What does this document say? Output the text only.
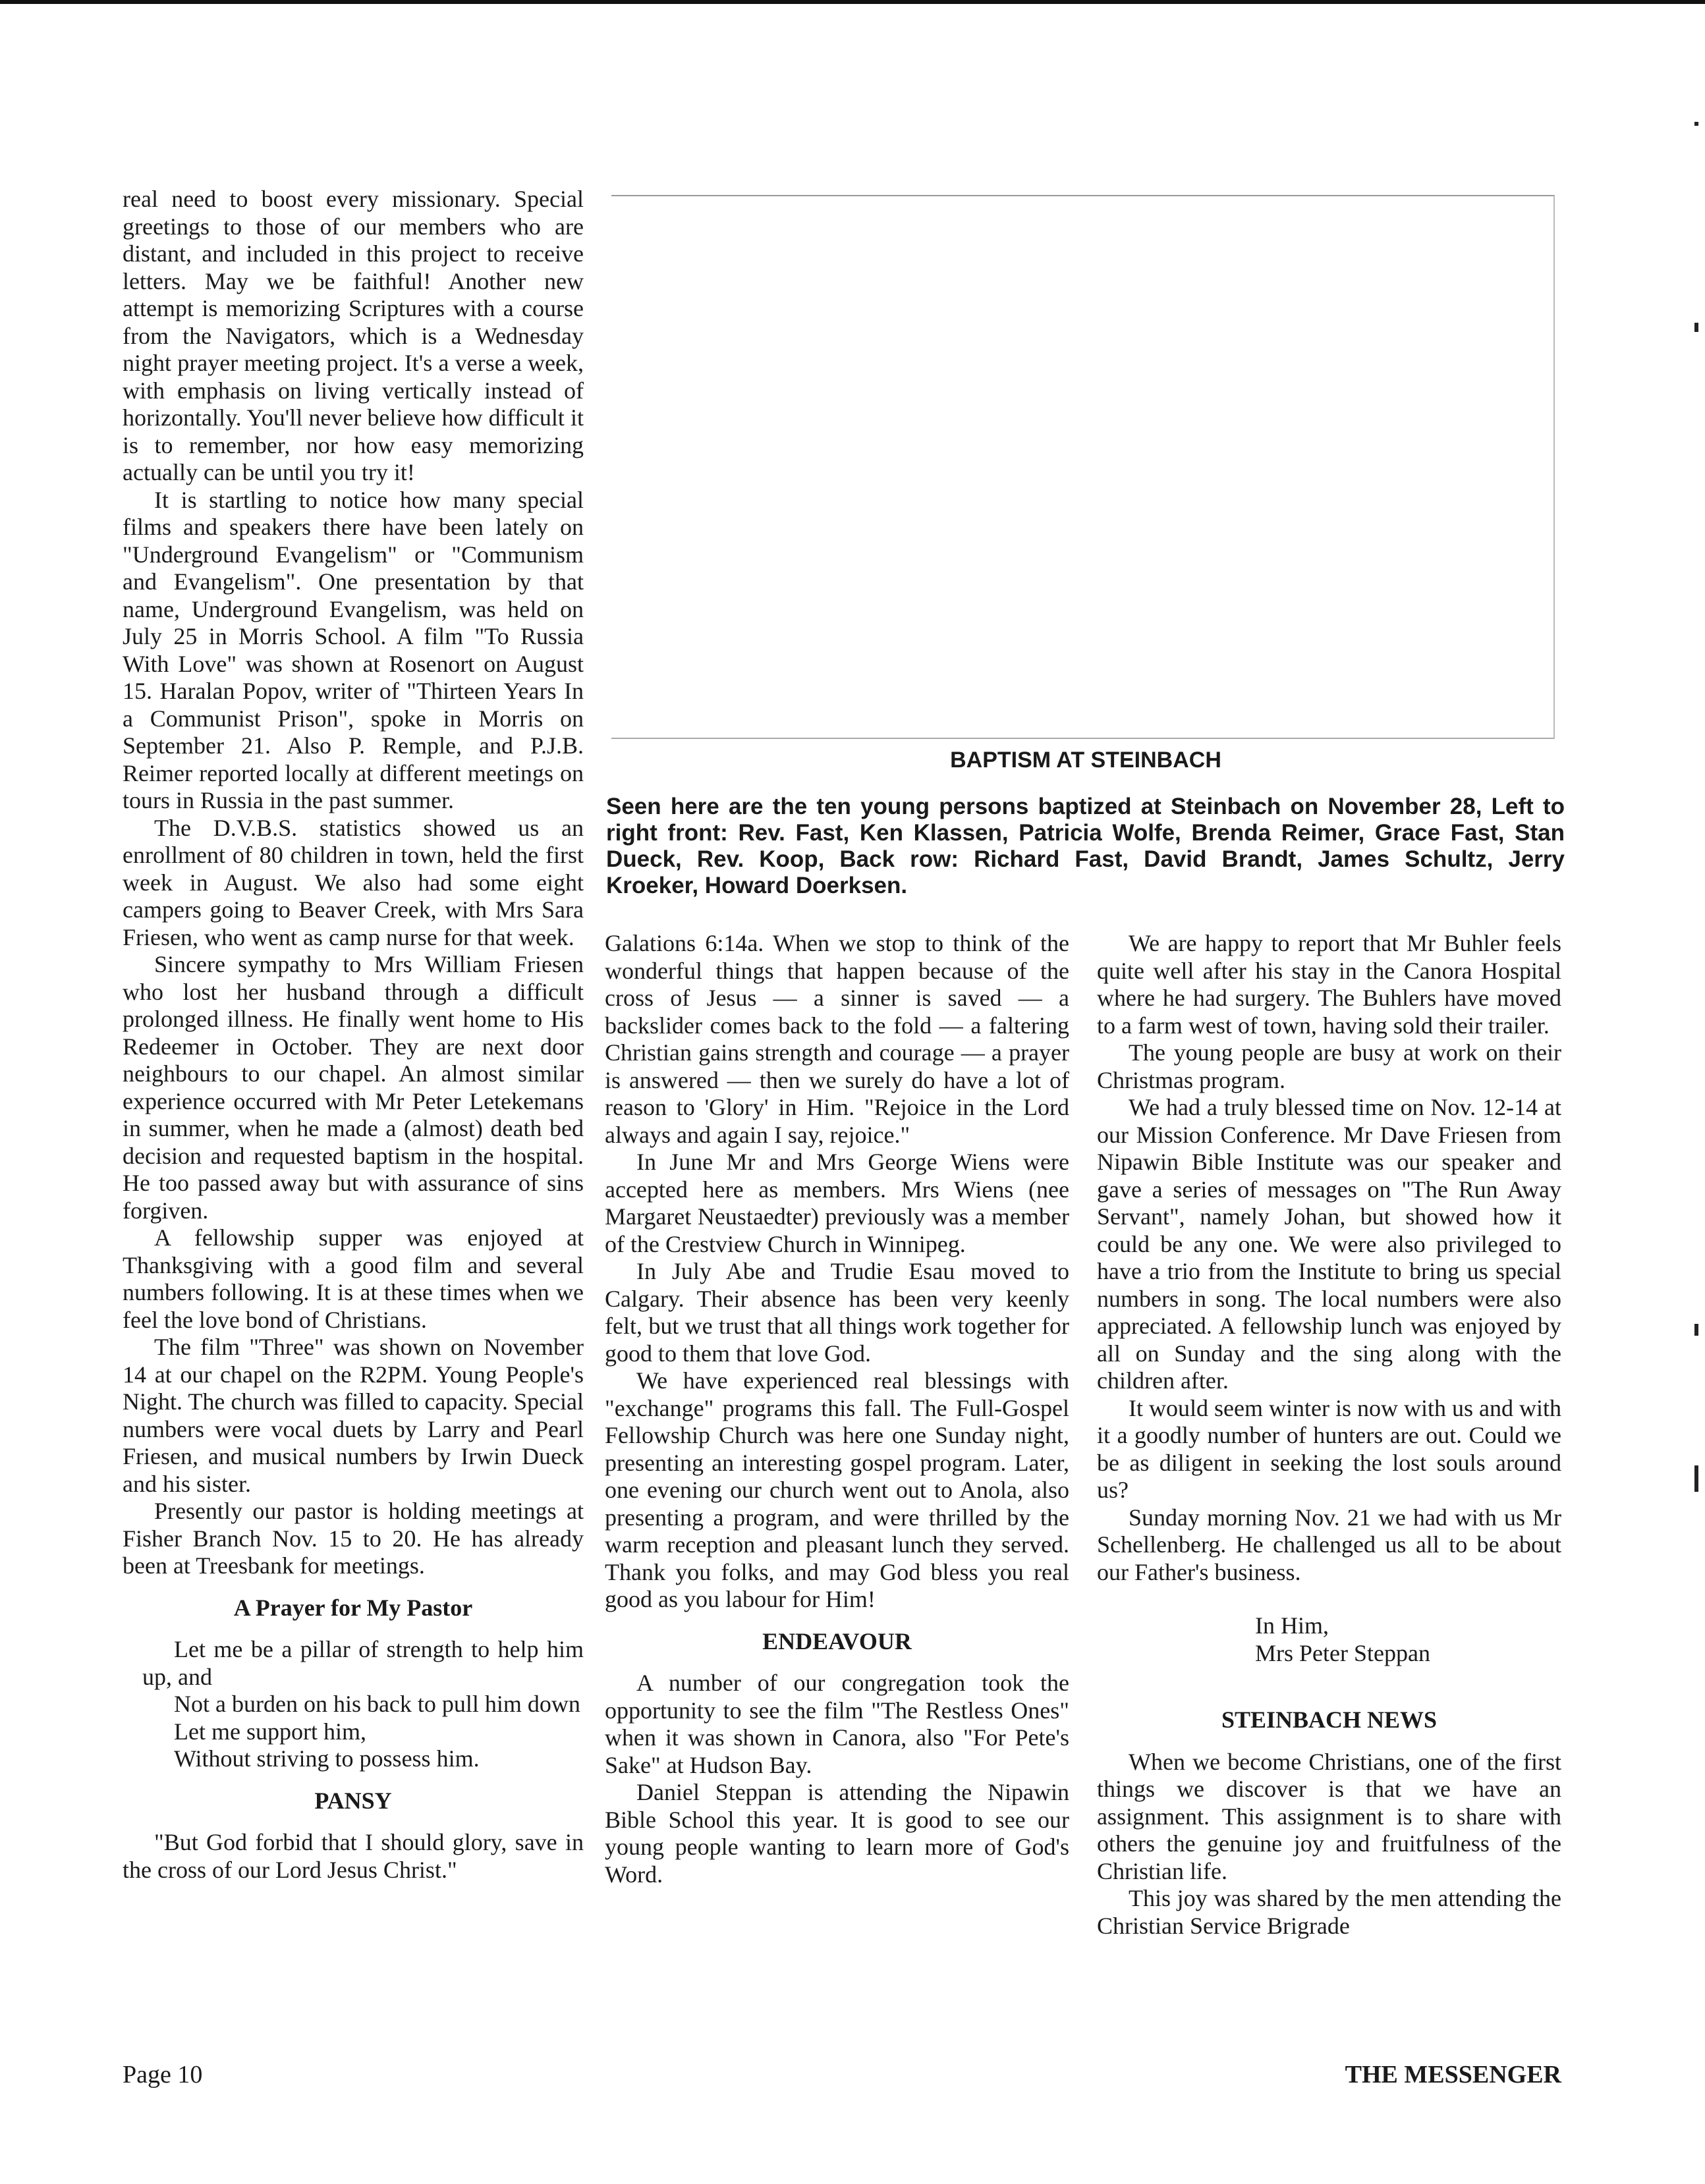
real need to boost every missionary. Special greetings to those of our members who are distant, and included in this project to receive letters. May we be faithful! Another new attempt is memorizing Scriptures with a course from the Navigators, which is a Wednesday night prayer meeting project. It's a verse a week, with emphasis on living vertically instead of horizontally. You'll never believe how difficult it is to remember, nor how easy memorizing actually can be until you try it!

It is startling to notice how many special films and speakers there have been lately on "Underground Evangelism" or "Communism and Evangelism". One presentation by that name, Underground Evangelism, was held on July 25 in Morris School. A film "To Russia With Love" was shown at Rosenort on August 15. Haralan Popov, writer of "Thirteen Years In a Communist Prison", spoke in Morris on September 21. Also P. Remple, and P.J.B. Reimer reported locally at different meetings on tours in Russia in the past summer.

The D.V.B.S. statistics showed us an enrollment of 80 children in town, held the first week in August. We also had some eight campers going to Beaver Creek, with Mrs Sara Friesen, who went as camp nurse for that week.

Sincere sympathy to Mrs William Friesen who lost her husband through a difficult prolonged illness. He finally went home to His Redeemer in October. They are next door neighbours to our chapel. An almost similar experience occurred with Mr Peter Letekemans in summer, when he made a (almost) death bed decision and requested baptism in the hospital. He too passed away but with assurance of sins forgiven.

A fellowship supper was enjoyed at Thanksgiving with a good film and several numbers following. It is at these times when we feel the love bond of Christians.

The film "Three" was shown on November 14 at our chapel on the R2PM. Young People's Night. The church was filled to capacity. Special numbers were vocal duets by Larry and Pearl Friesen, and musical numbers by Irwin Dueck and his sister.

Presently our pastor is holding meetings at Fisher Branch Nov. 15 to 20. He has already been at Treesbank for meetings.

A Prayer for My Pastor

Let me be a pillar of strength to help him up, and

Not a burden on his back to pull him down

Let me support him,

Without striving to possess him.

PANSY

"But God forbid that I should glory, save in the cross of our Lord Jesus Christ."

BAPTISM AT STEINBACH
Seen here are the ten young persons baptized at Steinbach on November 28, Left to right front: Rev. Fast, Ken Klassen, Patricia Wolfe, Brenda Reimer, Grace Fast, Stan Dueck, Rev. Koop, Back row: Richard Fast, David Brandt, James Schultz, Jerry Kroeker, Howard Doerksen.

Galations 6:14a. When we stop to think of the wonderful things that happen because of the cross of Jesus — a sinner is saved — a backslider comes back to the fold — a faltering Christian gains strength and courage — a prayer is answered — then we surely do have a lot of reason to 'Glory' in Him. "Rejoice in the Lord always and again I say, rejoice."

In June Mr and Mrs George Wiens were accepted here as members. Mrs Wiens (nee Margaret Neustaedter) previously was a member of the Crestview Church in Winnipeg.

In July Abe and Trudie Esau moved to Calgary. Their absence has been very keenly felt, but we trust that all things work together for good to them that love God.

We have experienced real blessings with "exchange" programs this fall. The Full-Gospel Fellowship Church was here one Sunday night, presenting an interesting gospel program. Later, one evening our church went out to Anola, also presenting a program, and were thrilled by the warm reception and pleasant lunch they served. Thank you folks, and may God bless you real good as you labour for Him!

ENDEAVOUR

A number of our congregation took the opportunity to see the film "The Restless Ones" when it was shown in Canora, also "For Pete's Sake" at Hudson Bay.

Daniel Steppan is attending the Nipawin Bible School this year. It is good to see our young people wanting to learn more of God's Word.

We are happy to report that Mr Buhler feels quite well after his stay in the Canora Hospital where he had surgery. The Buhlers have moved to a farm west of town, having sold their trailer.

The young people are busy at work on their Christmas program.

We had a truly blessed time on Nov. 12-14 at our Mission Conference. Mr Dave Friesen from Nipawin Bible Institute was our speaker and gave a series of messages on "The Run Away Servant", namely Johan, but showed how it could be any one. We were also privileged to have a trio from the Institute to bring us special numbers in song. The local numbers were also appreciated. A fellowship lunch was enjoyed by all on Sunday and the sing along with the children after.

It would seem winter is now with us and with it a goodly number of hunters are out. Could we be as diligent in seeking the lost souls around us?

Sunday morning Nov. 21 we had with us Mr Schellenberg. He challenged us all to be about our Father's business.

In Him,

Mrs Peter Steppan

STEINBACH NEWS

When we become Christians, one of the first things we discover is that we have an assignment. This assignment is to share with others the genuine joy and fruitfulness of the Christian life.

This joy was shared by the men attending the Christian Service Brigrade

Page 10	THE MESSENGER
